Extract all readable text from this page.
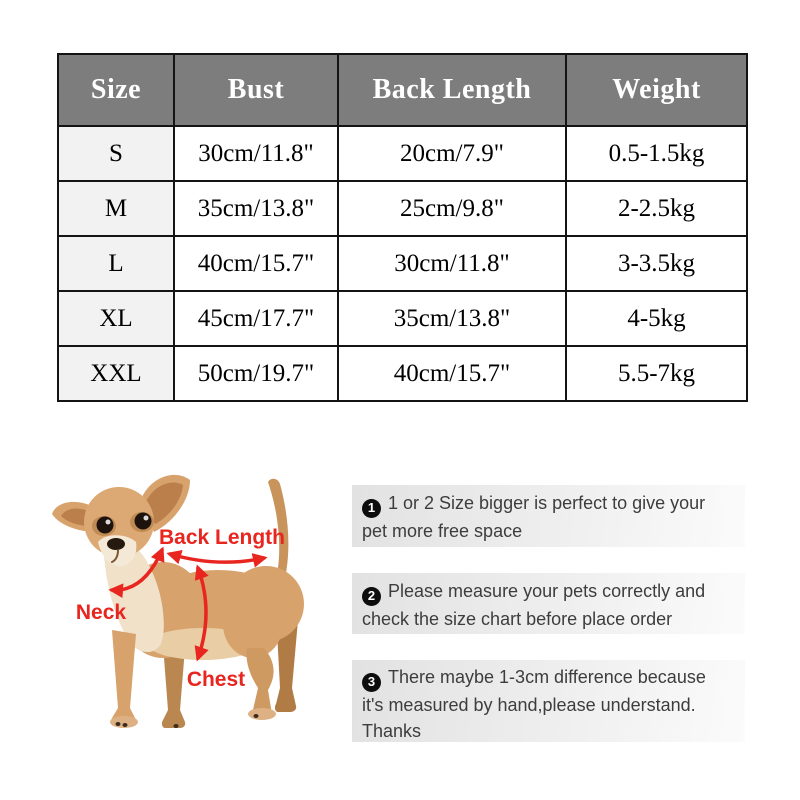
Size	Bust	Back Length	Weight
S	30cm/11.8"	20cm/7.9"	0.5-1.5kg
M	35cm/13.8"	25cm/9.8"	2-2.5kg
L	40cm/15.7"	30cm/11.8"	3-3.5kg
XL	45cm/17.7"	35cm/13.8"	4-5kg
XXL	50cm/19.7"	40cm/15.7"	5.5-7kg
Back Length
Neck
Chest
1 1 or 2 Size bigger is perfect to give your
pet more free space
2 Please measure your pets correctly and
check the size chart before place order
3 There maybe 1-3cm difference because
it's measured by hand,please understand.
Thanks
